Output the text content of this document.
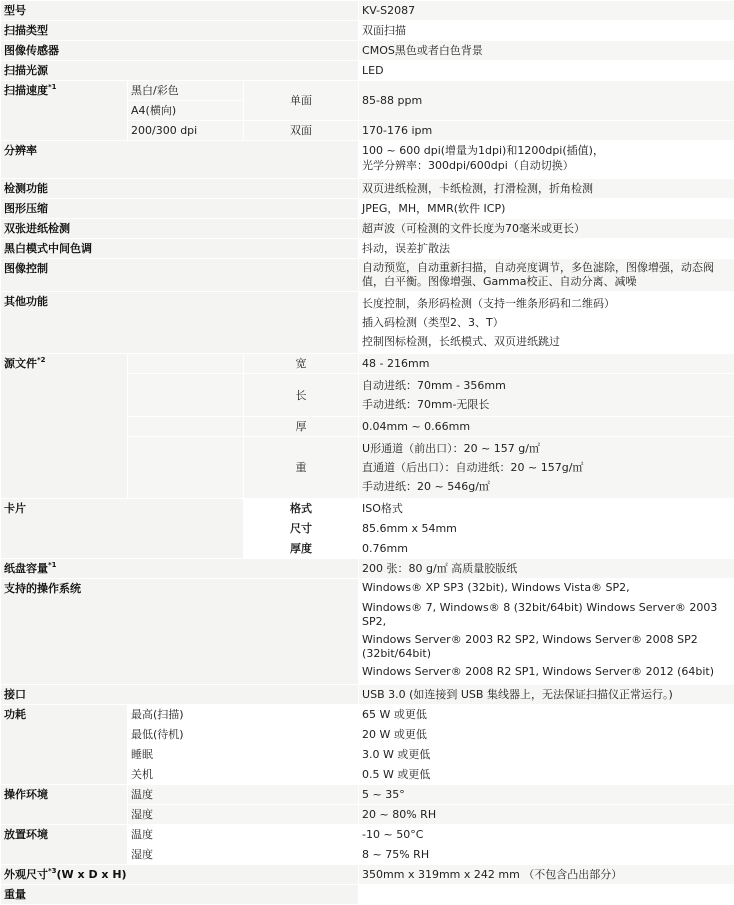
型号			KV-S2087
扫描类型			双面扫描
图像传感器			CMOS黑色或者白色背景
扫描光源			LED
扫描速度$^{*1}$	黑白/彩色	单面	85-88 ppm
	A4(横向)		
	200/300 dpi	双面	170-176 ipm
分辨率			100 ~ 600 dpi(增量为1dpi)和1200dpi(插值)，
光学分辨率：300dpi/600dpi（自动切换）

检测功能			双页进纸检测，卡纸检测，打滑检测，折角检测
图形压缩			JPEG，MH，MMR(软件 ICP)
双张进纸检测			超声波（可检测的文件长度为70毫米或更长）
黑白模式中间色调			抖动，误差扩散法
图像控制			自动预览，自动重新扫描，自动亮度调节，多色滤除，图像增强，动态阀值，白平衡。图像增强、Gamma校正、自动分离、减噪
其他功能			长度控制，条形码检测（支持一维条形码和二维码）
插入码检测（类型2、3、T）
控制图标检测，长纸模式、双页进纸跳过

源文件$^{*2}$		宽	48 - 216mm
		长	自动进纸：70mm - 356mm
手动进纸：70mm-无限长

		厚	0.04mm ~ 0.66mm
		重	U形通道（前出口）：20 ~ 157 g/㎡
直通道（后出口）：自动进纸：20 ~ 157g/㎡
手动进纸：20 ~ 546g/㎡

卡片		格式	ISO格式
		尺寸	85.6mm x 54mm
		厚度	0.76mm
纸盘容量$^{*1}$			200 张：80 g/㎡ 高质量胶版纸
支持的操作系统			Windows® XP SP3 (32bit), Windows Vista® SP2,
Windows® 7, Windows® 8 (32bit/64bit) Windows Server® 2003 SP2,
Windows Server® 2003 R2 SP2, Windows Server® 2008 SP2 (32bit/64bit)
Windows Server® 2008 R2 SP1, Windows Server® 2012 (64bit)

接口			USB 3.0 (如连接到 USB 集线器上，无法保证扫描仪正常运行。)
功耗	最高(扫描)		65 W 或更低
	最低(待机)		20 W 或更低
	睡眠		3.0 W 或更低
	关机		0.5 W 或更低
操作环境	温度		5 ~ 35°
	湿度		20 ~ 80% RH
放置环境	温度		-10 ~ 50°C
	湿度		8 ~ 75% RH
外观尺寸$^{*3}$(W x D x H)			350mm x 319mm x 242 mm （不包含凸出部分）
重量			
